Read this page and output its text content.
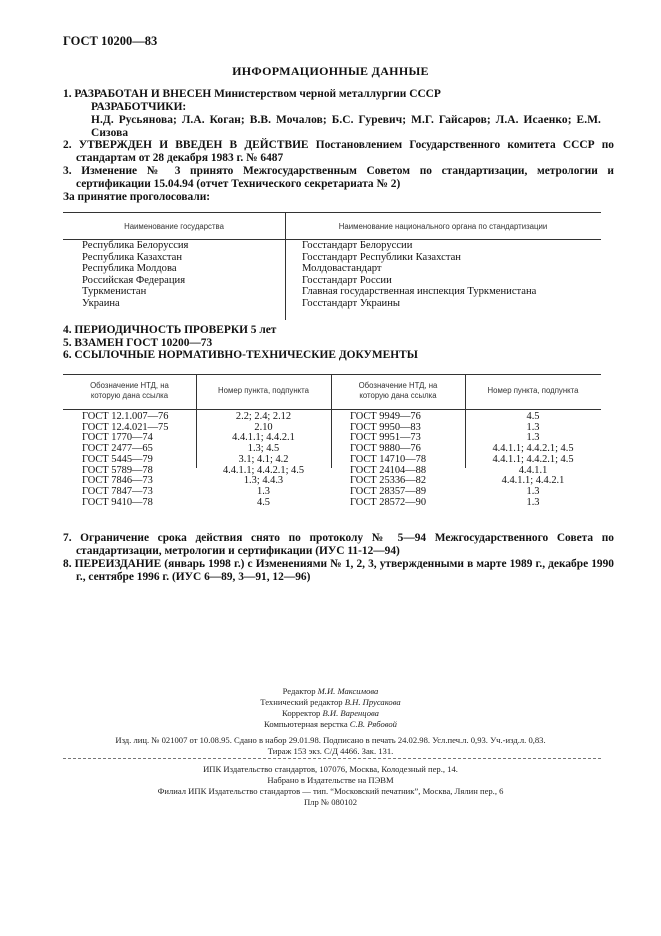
ГОСТ 10200—83
ИНФОРМАЦИОННЫЕ ДАННЫЕ

1. РАЗРАБОТАН И ВНЕСЕН Министерством черной металлургии СССР

РАЗРАБОТЧИКИ:

Н.Д. Русьянова; Л.А. Коган; В.В. Мочалов; Б.С. Гуревич; М.Г. Гайсаров; Л.А. Исаенко; Е.М. Сизова

2. УТВЕРЖДЕН И ВВЕДЕН В ДЕЙСТВИЕ Постановлением Государственного комитета СССР по стандартам от 28 декабря 1983 г. № 6487
3. Изменение № 3 принято Межгосударственным Советом по стандартизации, метрологии и сертификации 15.04.94 (отчет Технического секретариата № 2)
За принятие проголосовали:
Наименование государства	Наименование национального органа по стандартизации
Республика Белоруссия
Республика Казахстан
Республика Молдова
Российская Федерация
Туркменистан
Украина
Госстандарт Белоруссии
Госстандарт Республики Казахстан
Молдовастандарт
Госстандарт России
Главная государственная инспекция Туркменистана
Госстандарт Украины
4. ПЕРИОДИЧНОСТЬ ПРОВЕРКИ 5 лет
5. ВЗАМЕН ГОСТ 10200—73
6. ССЫЛОЧНЫЕ НОРМАТИВНО-ТЕХНИЧЕСКИЕ ДОКУМЕНТЫ
Обозначение НТД, на
которую дана ссылка
Номер пункта, подпункта
Обозначение НТД, на
которую дана ссылка
Номер пункта, подпункта
ГОСТ 12.1.007—76
ГОСТ 12.4.021—75
ГОСТ 1770—74
ГОСТ 2477—65
ГОСТ 5445—79
ГОСТ 5789—78
ГОСТ 7846—73
ГОСТ 7847—73
ГОСТ 9410—78
2.2; 2.4; 2.12
2.10
4.4.1.1; 4.4.2.1
1.3; 4.5
3.1; 4.1; 4.2
4.4.1.1; 4.4.2.1; 4.5
1.3; 4.4.3
1.3
4.5
ГОСТ 9949—76
ГОСТ 9950—83
ГОСТ 9951—73
ГОСТ 9880—76
ГОСТ 14710—78
ГОСТ 24104—88
ГОСТ 25336—82
ГОСТ 28357—89
ГОСТ 28572—90
4.5
1.3
1.3
4.4.1.1; 4.4.2.1; 4.5
4.4.1.1; 4.4.2.1; 4.5
4.4.1.1
4.4.1.1; 4.4.2.1
1.3
1.3
7. Ограничение срока действия снято по протоколу № 5—94 Межгосударственного Совета по стандартизации, метрологии и сертификации (ИУС 11-12—94)
8. ПЕРЕИЗДАНИЕ (январь 1998 г.) с Изменениями № 1, 2, 3, утвержденными в марте 1989 г., декабре 1990 г., сентябре 1996 г. (ИУС 6—89, 3—91, 12—96)
Редактор М.И. Максимова
Технический редактор В.Н. Прусакова
Корректор В.И. Варенцова
Компьютерная верстка С.В. Рябовой
Изд. лиц. № 021007 от 10.08.95. Сдано в набор 29.01.98. Подписано в печать 24.02.98. Усл.печ.л. 0,93. Уч.-изд.л. 0,83.
Тираж 153 экз. С/Д 4466. Зак. 131.
ИПК Издательство стандартов, 107076, Москва, Колодезный пер., 14.
Набрано в Издательстве на ПЭВМ
Филиал ИПК Издательство стандартов — тип. “Московский печатник”, Москва, Лялин пер., 6
Плр № 080102
